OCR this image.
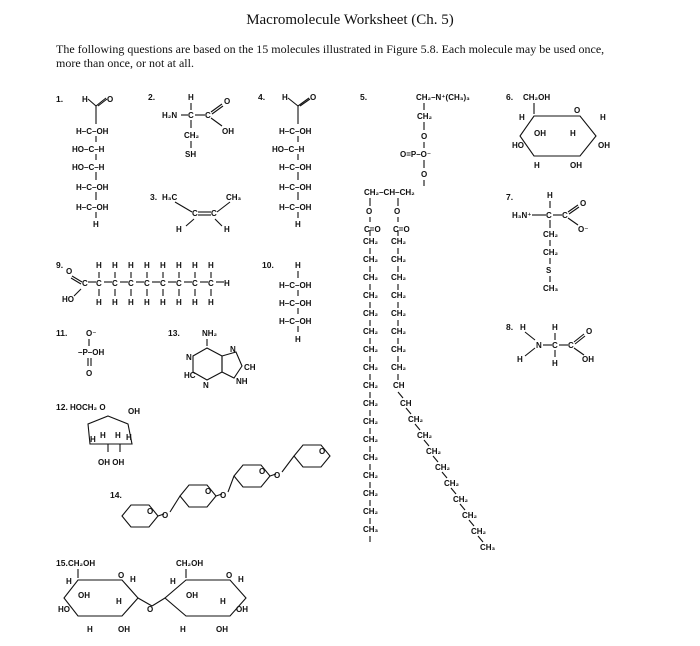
Macromolecule Worksheet (Ch. 5)
The following questions are based on the 15 molecules illustrated in Figure 5.8. Each molecule may be used once, more than once, or not at all.
1. H O
H–C–OH
HO–C–H
HO–C–H
H–C–OH
H–C–OH
H
2.	H
H₂N C C
O
OH
CH₂
SH
3. H₃C
C C
CH₃
H	H
4. H	O
H–C–OH
HO–C–H
H–C–OH
H–C–OH
H–C–OH
H
5.	CH₂–N⁺(CH₃)₃
CH₂
O
O=P–O⁻
O
CH₂–CH–CH₂
O	O
C=O C=O
CH₂
CH₂
CH₂
CH₂
CH₂
CH₂
CH₂
CH₂
CH₂
CH₂
CH₂
CH₂
CH₂
CH₂
CH₂
CH₂
CH₃
CH₂
CH₂
CH₂
CH₂
CH₂
CH₂
CH₂
CH₂
CH
CH
CH₂
CH₂
CH₂
CH₂
CH₂
CH₂
CH₂
CH₂
CH₃
6. CH₂OH
O
H	H
OH	H
HO	OH
H	OH
7.	H
H₃N⁺ C C
O
O⁻
CH₂
CH₂
S
CH₃
8. H
N
H
C
H
H
C
O
OH
9.
O
C
HO
C
H
H
C
H
H
C
H
H
C
H
H
C
H
H
C
H
H
C
H
H
C
H
H
H
10.	H
H–C–OH
H–C–OH
H–C–OH
H
11. O⁻
–P–OH
O
13.	NH₂
N
N
CH
HC
N	NH
12. HOCH₂ O	OH
H H H H
OH OH
14.
O O
O O
O O
O
15. CH₂OH
O
H	H
OH
H
HO
H	OH
O
CH₂OH
O
H	H
OH
H
OH
H	OH
